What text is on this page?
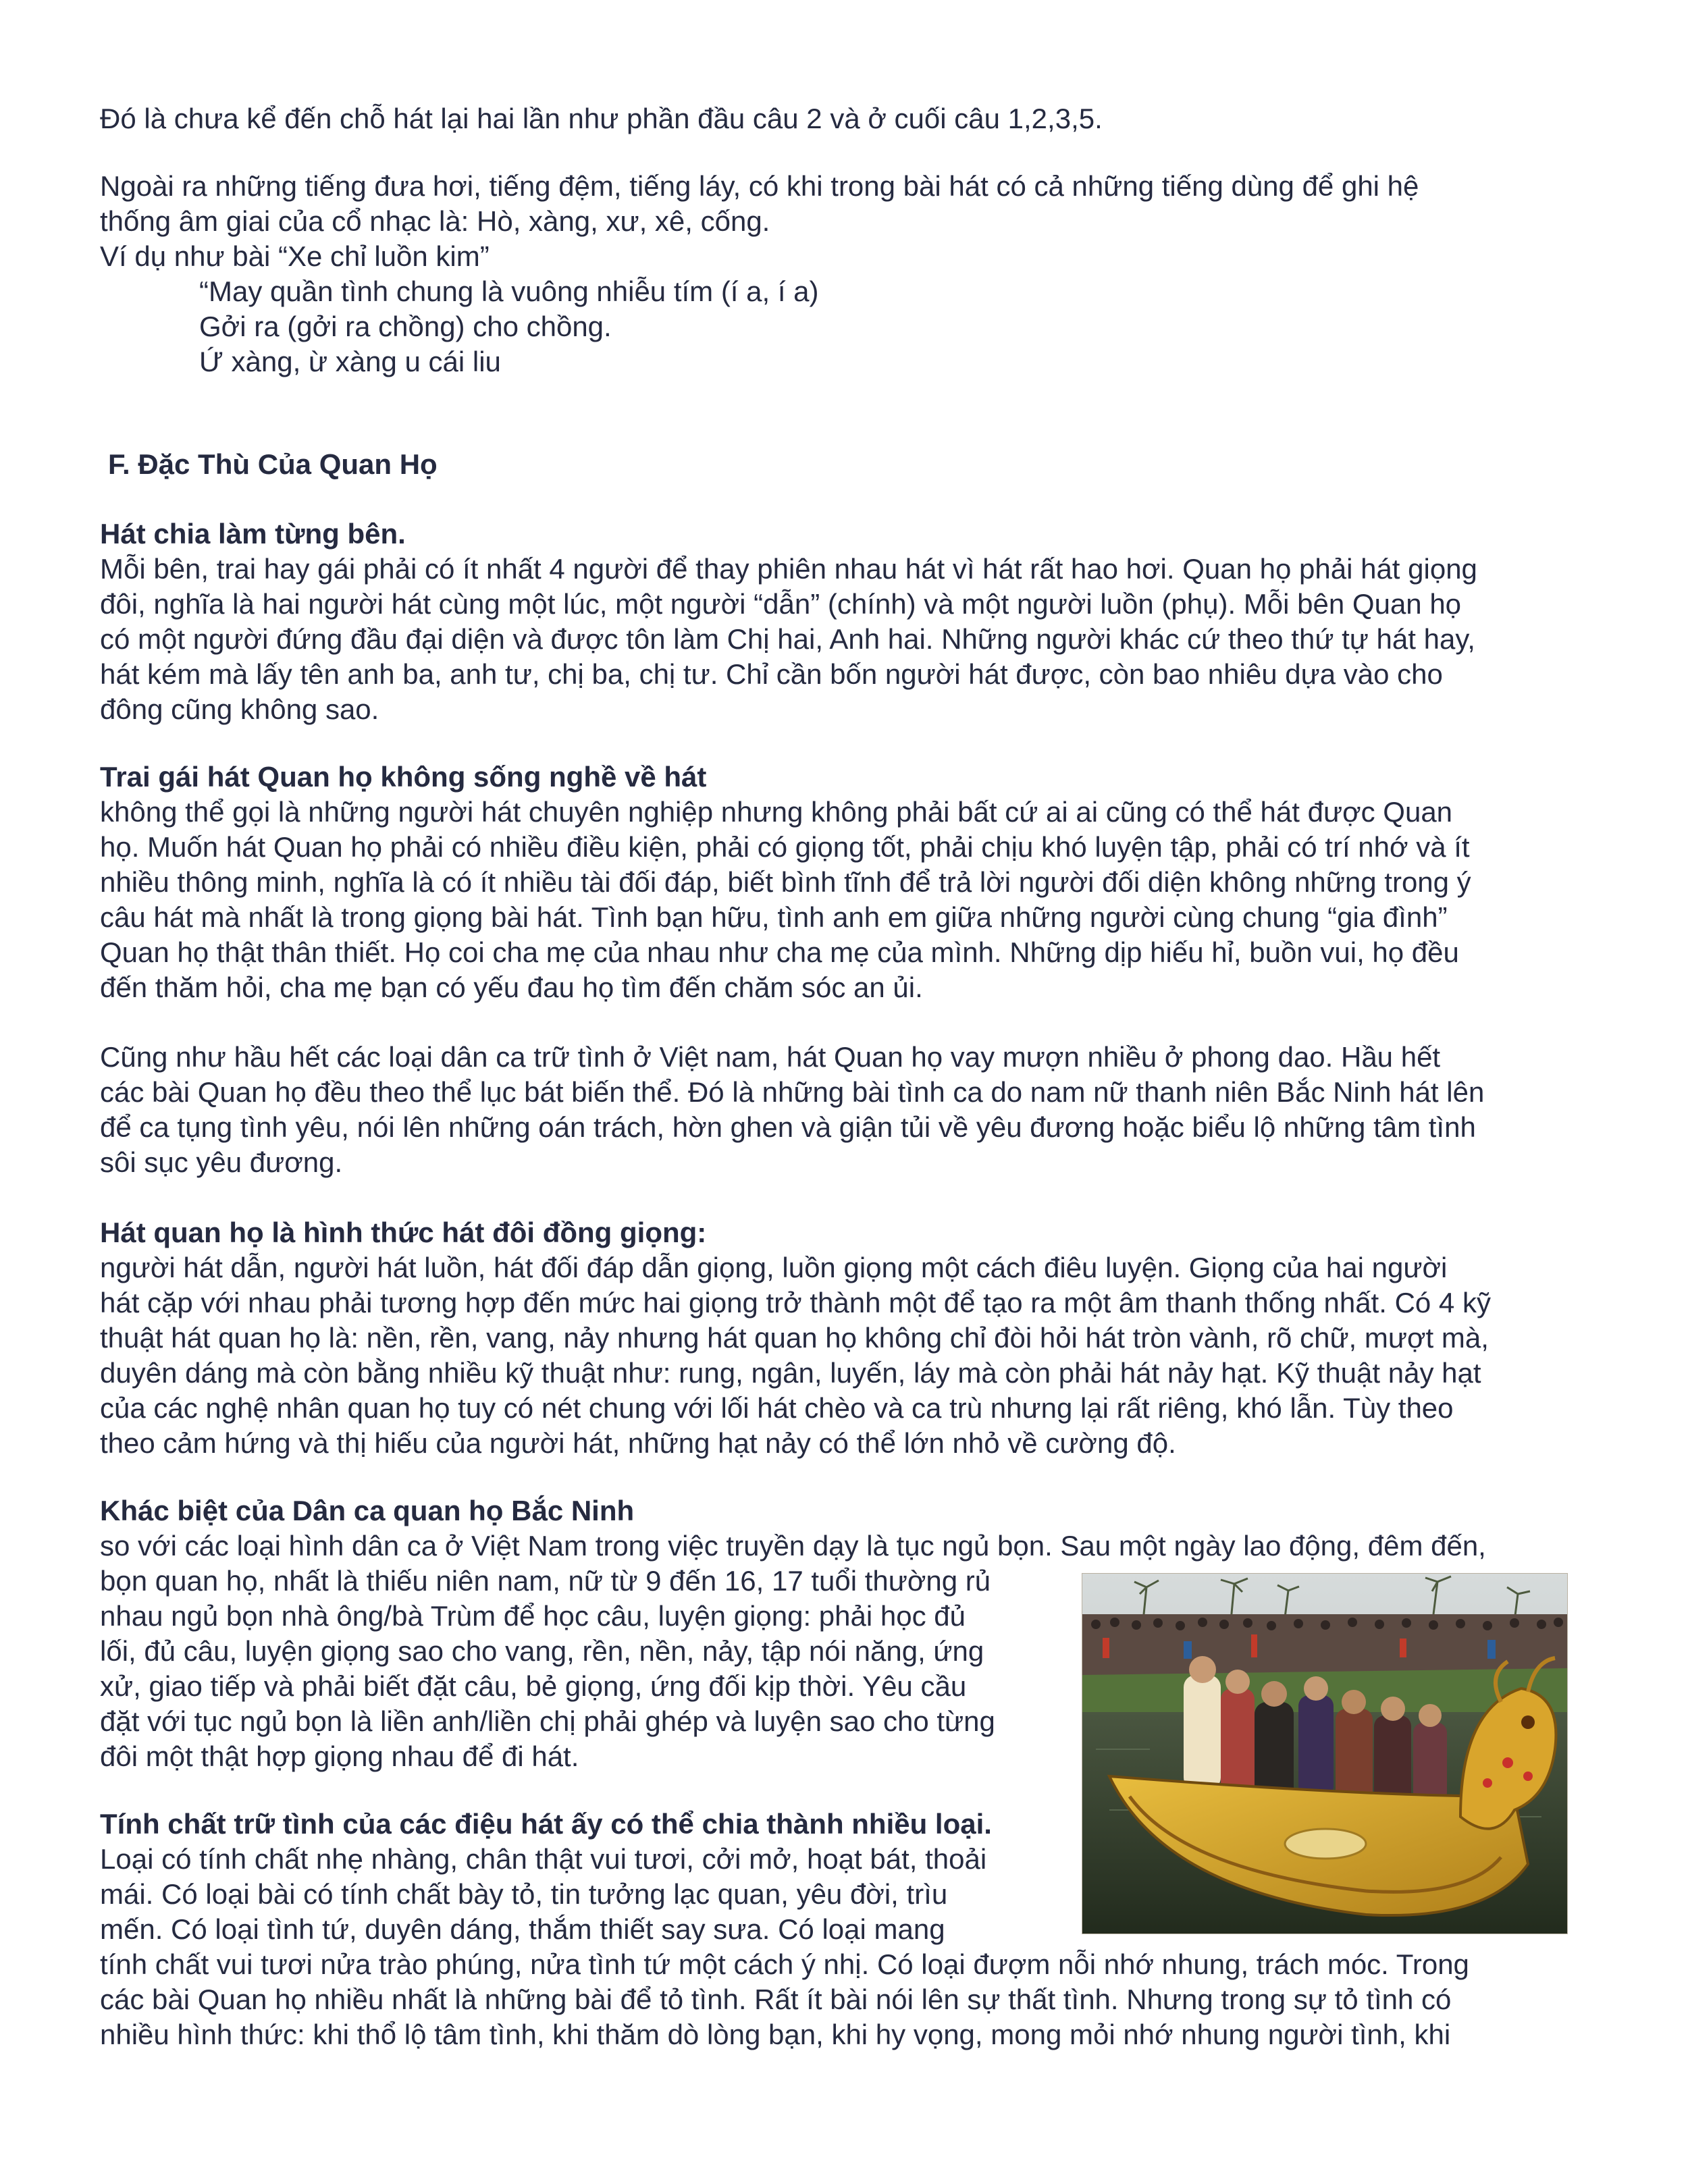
Đó là chưa kể đến chỗ hát lại hai lần như phần đầu câu 2 và ở cuối câu 1,2,3,5.
Ngoài ra những tiếng đưa hơi, tiếng đệm, tiếng láy, có khi trong bài hát có cả những tiếng dùng để ghi hệ
thống âm giai của cổ nhạc là: Hò, xàng, xư, xê, cống.
Ví dụ như bài “Xe chỉ luồn kim”
“May quần tình chung là vuông nhiễu tím (í a, í a)
Gởi ra (gởi ra chồng) cho chồng.
Ứ xàng, ừ xàng u cái liu
F. Đặc Thù Của Quan Họ
Hát chia làm từng bên.
Mỗi bên, trai hay gái phải có ít nhất 4 người để thay phiên nhau hát vì hát rất hao hơi. Quan họ phải hát giọng
đôi, nghĩa là hai người hát cùng một lúc, một người “dẫn” (chính) và một người luồn (phụ). Mỗi bên Quan họ
có một người đứng đầu đại diện và được tôn làm Chị hai, Anh hai. Những người khác cứ theo thứ tự hát hay,
hát kém mà lấy tên anh ba, anh tư, chị ba, chị tư. Chỉ cần bốn người hát được, còn bao nhiêu dựa vào cho
đông cũng không sao.
Trai gái hát Quan họ không sống nghề về hát
không thể gọi là những người hát chuyên nghiệp nhưng không phải bất cứ ai ai cũng có thể hát được Quan
họ. Muốn hát Quan họ phải có nhiều điều kiện, phải có giọng tốt, phải chịu khó luyện tập, phải có trí nhớ và ít
nhiều thông minh, nghĩa là có ít nhiều tài đối đáp, biết bình tĩnh để trả lời người đối diện không những trong ý
câu hát mà nhất là trong giọng bài hát. Tình bạn hữu, tình anh em giữa những người cùng chung “gia đình”
Quan họ thật thân thiết. Họ coi cha mẹ của nhau như cha mẹ của mình. Những dịp hiếu hỉ, buồn vui, họ đều
đến thăm hỏi, cha mẹ bạn có yếu đau họ tìm đến chăm sóc an ủi.
Cũng như hầu hết các loại dân ca trữ tình ở Việt nam, hát Quan họ vay mượn nhiều ở phong dao. Hầu hết
các bài Quan họ đều theo thể lục bát biến thể. Đó là những bài tình ca do nam nữ thanh niên Bắc Ninh hát lên
để ca tụng tình yêu, nói lên những oán trách, hờn ghen và giận tủi về yêu đương hoặc biểu lộ những tâm tình
sôi sục yêu đương.
Hát quan họ là hình thức hát đôi đồng giọng:
người hát dẫn, người hát luồn, hát đối đáp dẫn giọng, luồn giọng một cách điêu luyện. Giọng của hai người
hát cặp với nhau phải tương hợp đến mức hai giọng trở thành một để tạo ra một âm thanh thống nhất. Có 4 kỹ
thuật hát quan họ là: nền, rền, vang, nảy nhưng hát quan họ không chỉ đòi hỏi hát tròn vành, rõ chữ, mượt mà,
duyên dáng mà còn bằng nhiều kỹ thuật như: rung, ngân, luyến, láy mà còn phải hát nảy hạt. Kỹ thuật nảy hạt
của các nghệ nhân quan họ tuy có nét chung với lối hát chèo và ca trù nhưng lại rất riêng, khó lẫn. Tùy theo
theo cảm hứng và thị hiếu của người hát, những hạt nảy có thể lớn nhỏ về cường độ.
Khác biệt của Dân ca quan họ Bắc Ninh
so với các loại hình dân ca ở Việt Nam trong việc truyền dạy là tục ngủ bọn. Sau một ngày lao động, đêm đến,
bọn quan họ, nhất là thiếu niên nam, nữ từ 9 đến 16, 17 tuổi thường rủ
nhau ngủ bọn nhà ông/bà Trùm để học câu, luyện giọng: phải học đủ
lối, đủ câu, luyện giọng sao cho vang, rền, nền, nảy, tập nói năng, ứng
xử, giao tiếp và phải biết đặt câu, bẻ giọng, ứng đối kịp thời. Yêu cầu
đặt với tục ngủ bọn là liền anh/liền chị phải ghép và luyện sao cho từng
đôi một thật hợp giọng nhau để đi hát.
Tính chất trữ tình của các điệu hát ấy có thể chia thành nhiều loại.
Loại có tính chất nhẹ nhàng, chân thật vui tươi, cởi mở, hoạt bát, thoải
mái. Có loại bài có tính chất bày tỏ, tin tưởng lạc quan, yêu đời, trìu
mến. Có loại tình tứ, duyên dáng, thắm thiết say sưa. Có loại mang
tính chất vui tươi nửa trào phúng, nửa tình tứ một cách ý nhị. Có loại đượm nỗi nhớ nhung, trách móc. Trong
các bài Quan họ nhiều nhất là những bài để tỏ tình. Rất ít bài nói lên sự thất tình. Nhưng trong sự tỏ tình có
nhiều hình thức: khi thổ lộ tâm tình, khi thăm dò lòng bạn, khi hy vọng, mong mỏi nhớ nhung người tình, khi
